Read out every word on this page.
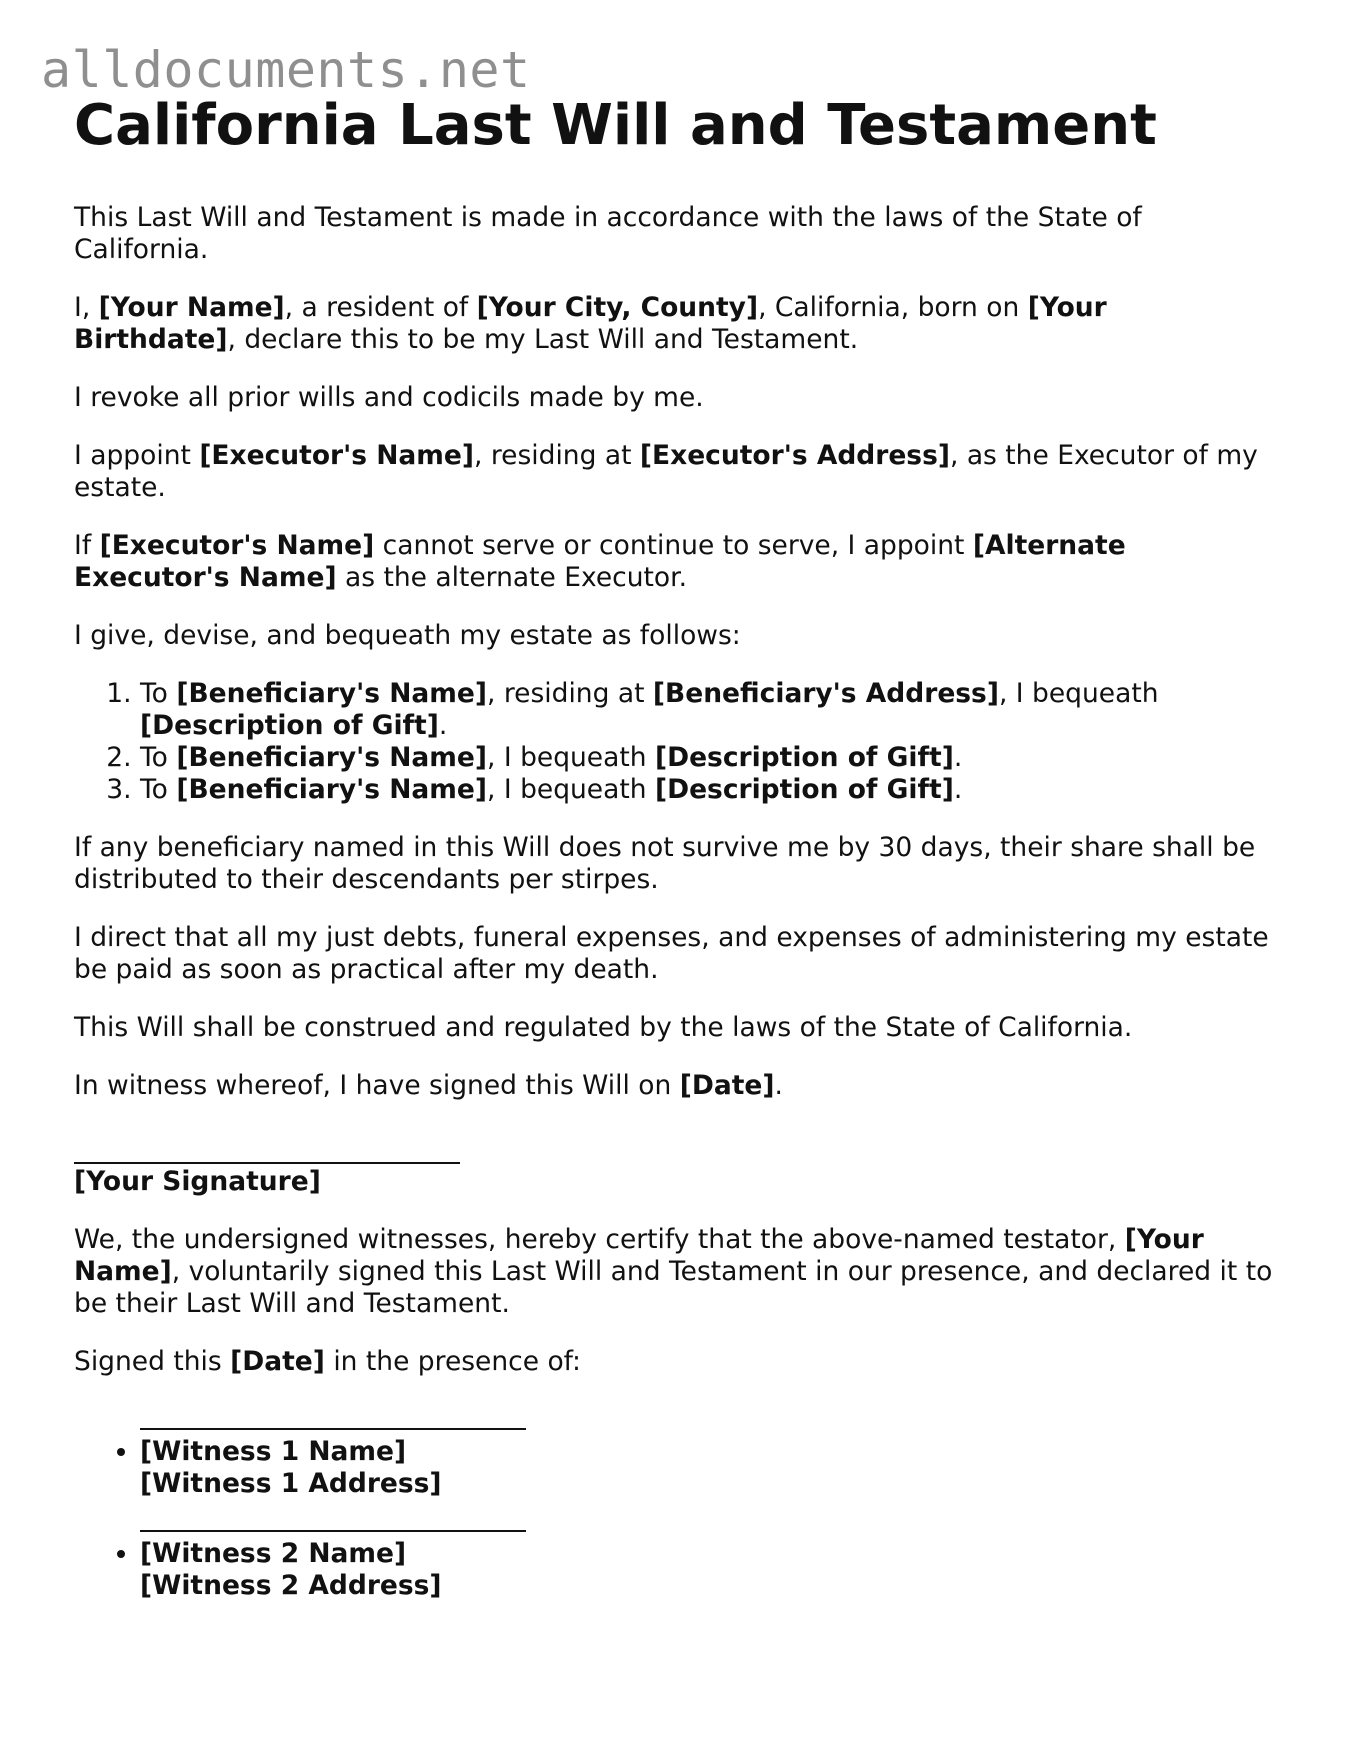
alldocuments.net
California Last Will and Testament

This Last Will and Testament is made in accordance with the laws of the State of California.

I, [Your Name], a resident of [Your City, County], California, born on [Your Birthdate], declare this to be my Last Will and Testament.

I revoke all prior wills and codicils made by me.

I appoint [Executor's Name], residing at [Executor's Address], as the Executor of my estate.

If [Executor's Name] cannot serve or continue to serve, I appoint [Alternate Executor's Name] as the alternate Executor.

I give, devise, and bequeath my estate as follows:

1. To [Beneficiary's Name], residing at [Beneficiary's Address], I bequeath [Description of Gift].
2. To [Beneficiary's Name], I bequeath [Description of Gift].
3. To [Beneficiary's Name], I bequeath [Description of Gift].

If any beneficiary named in this Will does not survive me by 30 days, their share shall be distributed to their descendants per stirpes.

I direct that all my just debts, funeral expenses, and expenses of administering my estate be paid as soon as practical after my death.

This Will shall be construed and regulated by the laws of the State of California.

In witness whereof, I have signed this Will on [Date].

[Your Signature]

We, the undersigned witnesses, hereby certify that the above-named testator, [Your Name], voluntarily signed this Last Will and Testament in our presence, and declared it to be their Last Will and Testament.

Signed this [Date] in the presence of:

• [Witness 1 Name]
[Witness 1 Address]
• [Witness 2 Name]
[Witness 2 Address]
